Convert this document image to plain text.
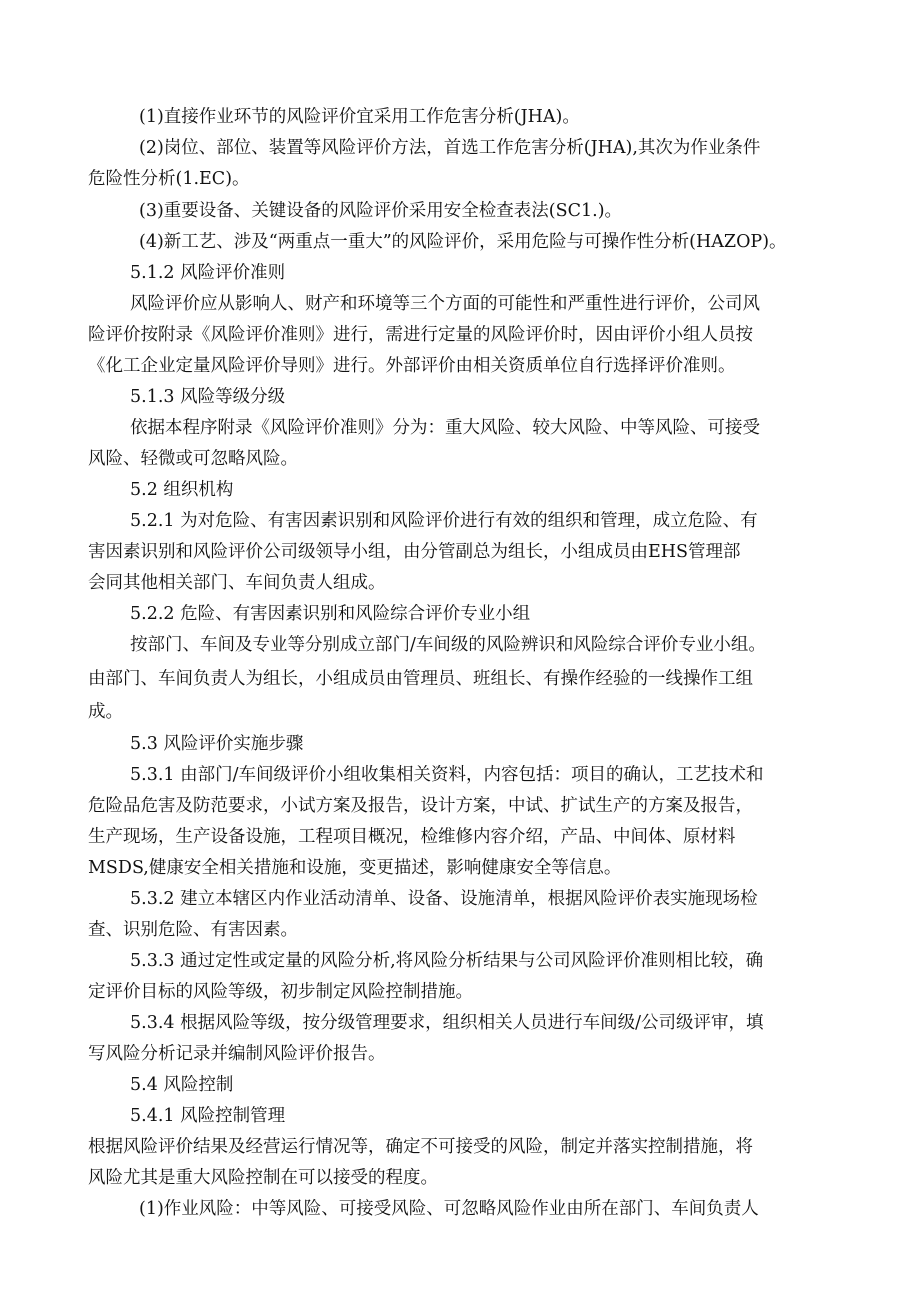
(1)直接作业环节的风险评价宜采用工作危害分析(JHA)。
(2)岗位、部位、装置等风险评价方法，首选工作危害分析(JHA),其次为作业条件
危险性分析(1.EC)。
(3)重要设备、关键设备的风险评价采用安全检查表法(SC1.)。
(4)新工艺、涉及“两重点一重大”的风险评价，采用危险与可操作性分析(HAZOP)。
5.1.2 风险评价准则
风险评价应从影响人、财产和环境等三个方面的可能性和严重性进行评价，公司风
险评价按附录《风险评价准则》进行，需进行定量的风险评价时，因由评价小组人员按
《化工企业定量风险评价导则》进行。外部评价由相关资质单位自行选择评价准则。
5.1.3 风险等级分级
依据本程序附录《风险评价准则》分为：重大风险、较大风险、中等风险、可接受
风险、轻微或可忽略风险。
5.2 组织机构
5.2.1 为对危险、有害因素识别和风险评价进行有效的组织和管理，成立危险、有
害因素识别和风险评价公司级领导小组，由分管副总为组长，小组成员由EHS管理部
会同其他相关部门、车间负责人组成。
5.2.2 危险、有害因素识别和风险综合评价专业小组
按部门、车间及专业等分别成立部门/车间级的风险辨识和风险综合评价专业小组。
由部门、车间负责人为组长，小组成员由管理员、班组长、有操作经验的一线操作工组
成。
5.3 风险评价实施步骤
5.3.1 由部门/车间级评价小组收集相关资料，内容包括：项目的确认，工艺技术和
危险品危害及防范要求，小试方案及报告，设计方案，中试、扩试生产的方案及报告，
生产现场，生产设备设施，工程项目概况，检维修内容介绍，产品、中间体、原材料
MSDS,健康安全相关措施和设施，变更描述，影响健康安全等信息。
5.3.2 建立本辖区内作业活动清单、设备、设施清单，根据风险评价表实施现场检
查、识别危险、有害因素。
5.3.3 通过定性或定量的风险分析,将风险分析结果与公司风险评价准则相比较，确
定评价目标的风险等级，初步制定风险控制措施。
5.3.4 根据风险等级，按分级管理要求，组织相关人员进行车间级/公司级评审，填
写风险分析记录并编制风险评价报告。
5.4 风险控制
5.4.1 风险控制管理
根据风险评价结果及经营运行情况等，确定不可接受的风险，制定并落实控制措施，将
风险尤其是重大风险控制在可以接受的程度。
(1)作业风险：中等风险、可接受风险、可忽略风险作业由所在部门、车间负责人
